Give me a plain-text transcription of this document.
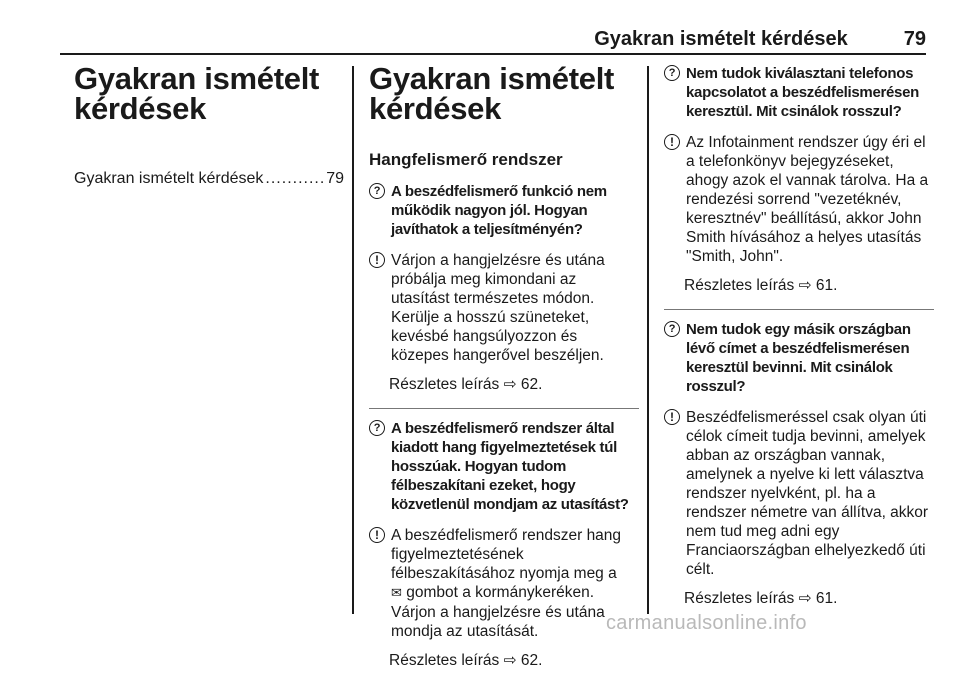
Gyakran ismételt kérdések	79
Gyakran ismételt kérdések
Gyakran ismételt kérdések
.....	79
Gyakran ismételt kérdések
Hangfelismerő rendszer
? A beszédfelismerő funkció nem működik nagyon jól. Hogyan javíthatok a teljesítményén?
! Várjon a hangjelzésre és utána próbálja meg kimondani az utasítást természetes módon. Kerülje a hosszú szüneteket, kevésbé hangsúlyozzon és közepes hangerővel beszéljen.
Részletes leírás ⇨ 62.
? A beszédfelismerő rendszer által kiadott hang figyelmeztetések túl hosszúak. Hogyan tudom félbeszakítani ezeket, hogy közvetlenül mondjam az utasítást?
! A beszédfelismerő rendszer hang figyelmeztetésének félbeszakításához nyomja meg a
✉ gombot a kormánykeréken. Várjon a hangjelzésre és utána mondja az utasítását.
Részletes leírás ⇨ 62.
? Nem tudok kiválasztani telefonos kapcsolatot a beszédfelismerésen keresztül. Mit csinálok rosszul?
! Az Infotainment rendszer úgy éri el a telefonkönyv bejegyzéseket, ahogy azok el vannak tárolva. Ha a rendezési sorrend "vezetéknév, keresztnév" beállítású, akkor John Smith hívásához a helyes utasítás "Smith, John".
Részletes leírás ⇨ 61.
? Nem tudok egy másik országban lévő címet a beszédfelismerésen keresztül bevinni. Mit csinálok rosszul?
! Beszédfelismeréssel csak olyan úti célok címeit tudja bevinni, amelyek abban az országban vannak, amelynek a nyelve ki lett választva rendszer nyelvként, pl. ha a rendszer németre van állítva, akkor nem tud meg adni egy Franciaországban elhelyezkedő úti célt.
Részletes leírás ⇨ 61.
carmanualsonline.info
